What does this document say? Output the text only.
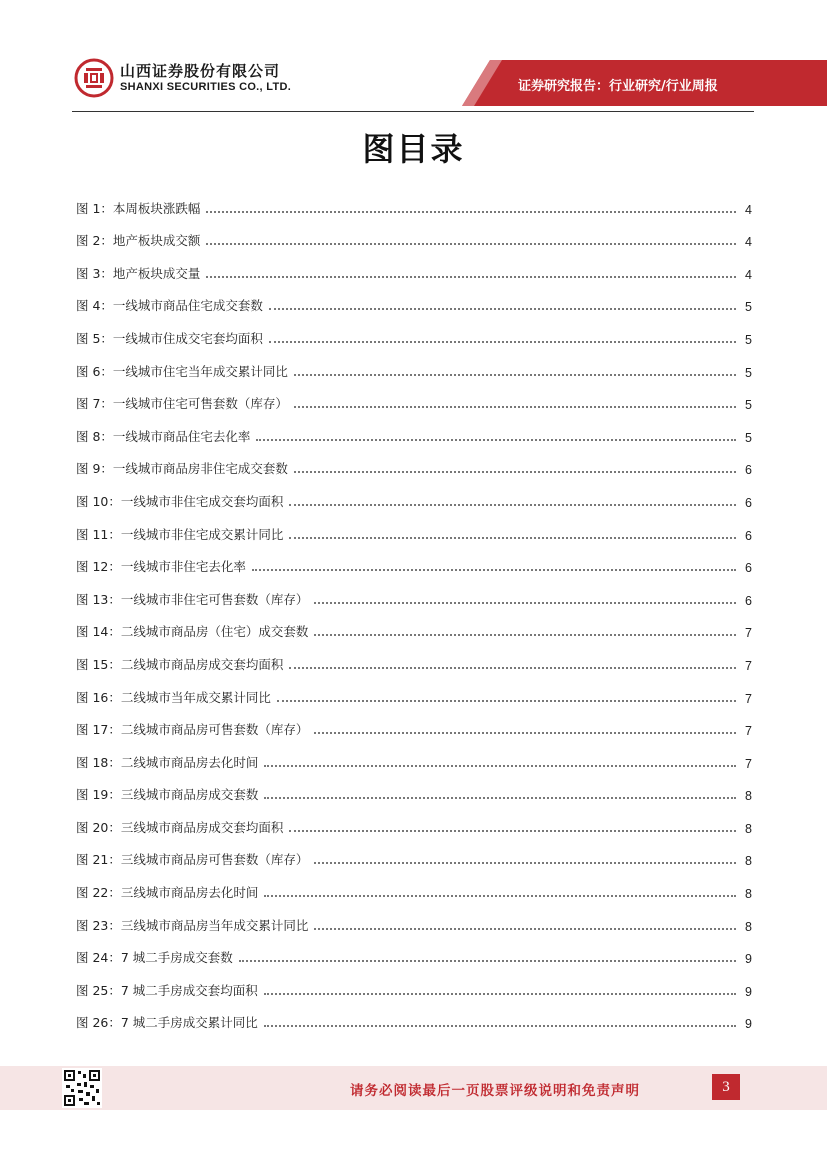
山西证券股份有限公司
SHANXI SECURITIES CO., LTD.	证券研究报告：行业研究/行业周报
图目录
图 1：本周板块涨跌幅	4
图 2：地产板块成交额	4
图 3：地产板块成交量	4
图 4：一线城市商品住宅成交套数	5
图 5：一线城市住成交宅套均面积	5
图 6：一线城市住宅当年成交累计同比	5
图 7：一线城市住宅可售套数（库存）	5
图 8：一线城市商品住宅去化率	5
图 9：一线城市商品房非住宅成交套数	6
图 10：一线城市非住宅成交套均面积	6
图 11：一线城市非住宅成交累计同比	6
图 12：一线城市非住宅去化率	6
图 13：一线城市非住宅可售套数（库存）	6
图 14：二线城市商品房（住宅）成交套数	7
图 15：二线城市商品房成交套均面积	7
图 16：二线城市当年成交累计同比	7
图 17：二线城市商品房可售套数（库存）	7
图 18：二线城市商品房去化时间	7
图 19：三线城市商品房成交套数	8
图 20：三线城市商品房成交套均面积	8
图 21：三线城市商品房可售套数（库存）	8
图 22：三线城市商品房去化时间	8
图 23：三线城市商品房当年成交累计同比	8
图 24：7 城二手房成交套数	9
图 25：7 城二手房成交套均面积	9
图 26：7 城二手房成交累计同比	9
请务必阅读最后一页股票评级说明和免责声明	3
